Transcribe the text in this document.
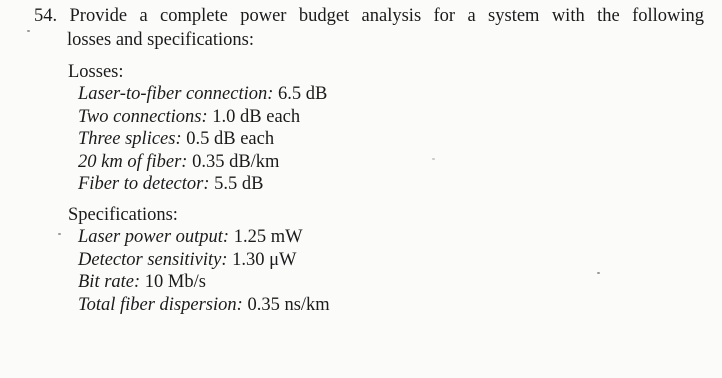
54. Provide a complete power budget analysis for a system with the following
losses and specifications:
Losses:
Laser-to-fiber connection: 6.5 dB
Two connections: 1.0 dB each
Three splices: 0.5 dB each
20 km of fiber: 0.35 dB/km
Fiber to detector: 5.5 dB
Specifications:
Laser power output: 1.25 mW
Detector sensitivity: 1.30 μW
Bit rate: 10 Mb/s
Total fiber dispersion: 0.35 ns/km
